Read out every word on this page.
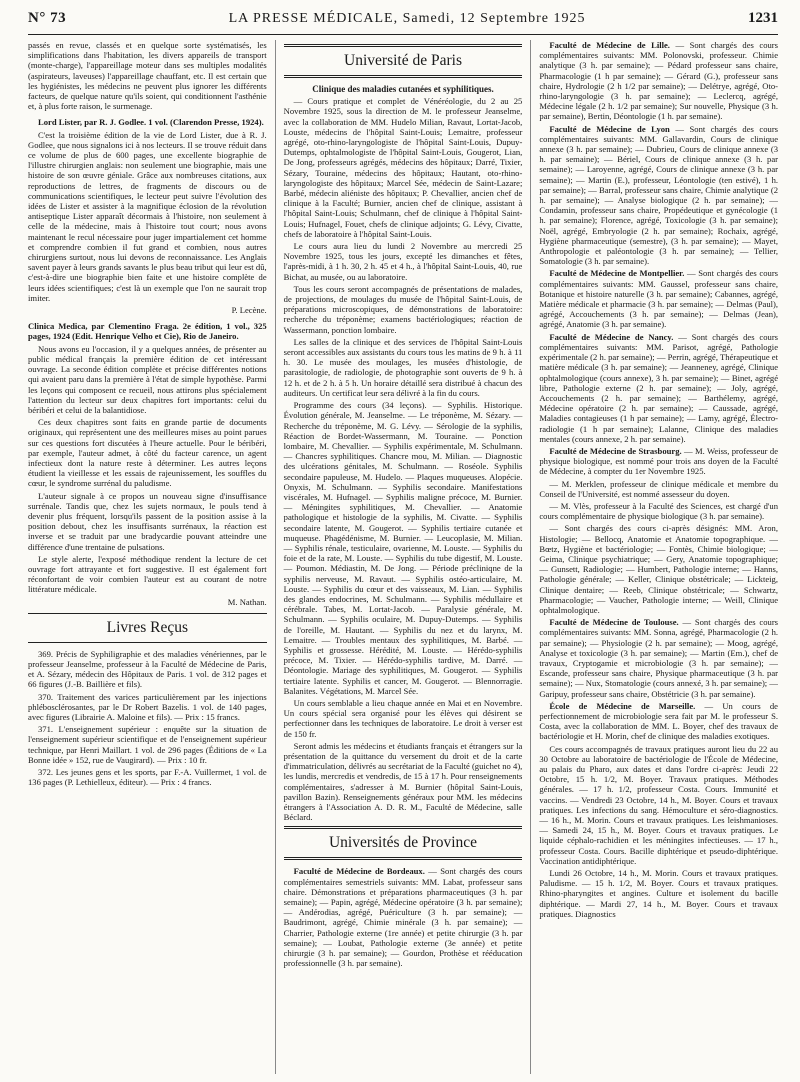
N° 73	LA PRESSE MÉDICALE, Samedi, 12 Septembre 1925	1231

passés en revue, classés et en quelque sorte systématisés, les simplifications dans l'habitation, les divers appareils de transport (monte-charge), l'appareillage moteur dans ses multiples modalités (aspirateurs, laveuses) l'appareillage chauffant, etc. Il est certain que les hygiénistes, les médecins ne peuvent plus ignorer les différents facteurs, de quelque nature qu'ils soient, qui conditionnent l'asthénie et, à plus forte raison, le surmenage.

Lord Lister, par R. J. Godlee. 1 vol. (Clarendon Presse, 1924).

C'est la troisième édition de la vie de Lord Lister, due à R. J. Godlee, que nous signalons ici à nos lecteurs. Il se trouve réduit dans ce volume de plus de 600 pages, une excellente biographie de l'illustre chirurgien anglais: non seulement une biographie, mais une histoire de son œuvre géniale. Grâce aux nombreuses citations, aux reproductions de lettres, de fragments de discours ou de communications scientifiques, le lecteur peut suivre l'évolution des idées de Lister et assister à la magnifique éclosion de la révolution antiseptique Lister apparaît décormais à l'histoire, non seulement à celle de la médecine, mais à l'histoire tout court; nous avons maintenant le recul nécessaire pour juger impartialement cet homme et comprendre combien il fut grand et combien, nous autres chirurgiens surtout, nous lui devons de reconnaissance. Les Anglais savent payer à leurs grands savants le plus beau tribut qui leur est dû, c'est-à-dire une biographie bien faite et une histoire complète de leurs idées scientifiques; c'est là un exemple que l'on ne saurait trop imiter.

P. Lecène.

Clinica Medica, par Clementino Fraga. 2e édition, 1 vol., 325 pages, 1924 (Edit. Henrique Velho et Cie), Rio de Janeiro.

Nous avons eu l'occasion, il y a quelques années, de présenter au public médical français la première édition de cet intéressant ouvrage. La seconde édition complète et précise différentes notions qui avaient paru dans la première à l'état de simple hypothèse. Parmi les leçons qui composent ce recueil, nous attirons plus spécialement l'attention du lecteur sur deux chapitres fort importants: celui du béribéri et celui de la balantidiose.

Ces deux chapitres sont faits en grande partie de documents originaux, qui représentent une des meilleures mises au point parues sur ces questions fort discutées à l'heure actuelle. Pour le béribéri, par exemple, l'auteur admet, à côté du facteur carence, un agent infectieux dont la nature reste à déterminer. Les autres leçons étudient la vieillesse et les essais de rajeunissement, les souffles du cœur, le syndrome surrénal du paludisme.

L'auteur signale à ce propos un nouveau signe d'insuffisance surrénale. Tandis que, chez les sujets normaux, le pouls tend à devenir plus fréquent, lorsqu'ils passent de la position assise à la position debout, chez les insuffisants surrénaux, la réaction est inverse et se traduit par une bradycardie pouvant atteindre une différence d'une trentaine de pulsations.

Le style alerte, l'exposé méthodique rendent la lecture de cet ouvrage fort attrayante et fort suggestive. Il est également fort réconfortant de voir combien l'auteur est au courant de notre littérature médicale.

M. Nathan.

Livres Reçus

369. Précis de Syphiligraphie et des maladies vénériennes, par le professeur Jeanselme, professeur à la Faculté de Médecine de Paris, et A. Sézary, médecin des Hôpitaux de Paris. 1 vol. de 312 pages et 66 figures (J.-B. Baillière et fils).

370. Traitement des varices particulièrement par les injections phlébosclérosantes, par le Dr Robert Bazelis. 1 vol. de 140 pages, avec figures (Librairie A. Maloine et fils). — Prix : 15 francs.

371. L'enseignement supérieur : enquête sur la situation de l'enseignement supérieur scientifique et de l'enseignement supérieur technique, par Henri Maillart. 1 vol. de 296 pages (Éditions de « La Bonne idée » 152, rue de Vaugirard). — Prix : 10 fr.

372. Les jeunes gens et les sports, par F.-A. Vuillermet, 1 vol. de 136 pages (P. Lethielleux, éditeur). — Prix : 4 francs.

Université de Paris

Clinique des maladies cutanées et syphilitiques.

— Cours pratique et complet de Vénéréologie, du 2 au 25 Novembre 1925, sous la direction de M. le professeur Jeanselme, avec la collaboration de MM. Hudelo Milian, Ravaut, Lortat-Jacob, Louste, médecins de l'hôpital Saint-Louis; Lemaitre, professeur agrégé, oto-rhino-laryngologiste de l'hôpital Saint-Louis, Dupuy-Dutemps, ophtalmologiste de l'hôpital Saint-Louis, Gougerot, Lian, De Jong, professeurs agrégés, médecins des hôpitaux; Darré, Tixier, Sézary, Touraine, médecins des hôpitaux; Hautant, oto-rhino-laryngologiste des hôpitaux; Marcel Sée, médecin de Saint-Lazare; Barbé, médecin aliéniste des hôpitaux; P. Chevallier, ancien chef de clinique à la Faculté; Burnier, ancien chef de clinique, assistant à l'hôpital Saint-Louis; Schulmann, chef de clinique à l'hôpital Saint-Louis; Hufnagel, Fouet, chefs de clinique adjoints; G. Lévy, Civatte, chefs de laboratoire à l'hôpital Saint-Louis.

Le cours aura lieu du lundi 2 Novembre au mercredi 25 Novembre 1925, tous les jours, excepté les dimanches et fêtes, l'après-midi, à 1 h. 30, 2 h. 45 et 4 h., à l'hôpital Saint-Louis, 40, rue Bichat, au musée, ou au laboratoire.

Tous les cours seront accompagnés de présentations de malades, de projections, de moulages du musée de l'hôpital Saint-Louis, de préparations microscopiques, de démonstrations de laboratoire: recherche du tréponème; examens bactériologiques; réaction de Wassermann, ponction lombaire.

Les salles de la clinique et des services de l'hôpital Saint-Louis seront accessibles aux assistants du cours tous les matins de 9 h. à 11 h. 30. Le musée des moulages, les musées d'histologie, de parasitologie, de radiologie, de photographie sont ouverts de 9 h. à 12 h. et de 2 h. à 5 h. Un horaire détaillé sera distribué à chacun des auditeurs. Un certificat leur sera délivré à la fin du cours.

Programme des cours (34 leçons). — Syphilis. Historique. Évolution générale, M. Jeanselme. — Le tréponème, M. Sézary. — Recherche du tréponème, M. G. Lévy. — Sérologie de la syphilis, Réaction de Bordet-Wassermann, M. Touraine. — Ponction lombaire, M. Chevallier. — Syphilis expérimentale, M. Schulmann. — Chancres syphilitiques. Chancre mou, M. Milian. — Diagnostic des ulcérations génitales, M. Schulmann. — Roséole. Syphilis secondaire papuleuse, M. Hudelo. — Plaques muqueuses. Alopécie. Onyxis, M. Schulmann. — Syphilis secondaire. Manifestations viscérales, M. Hufnagel. — Syphilis maligne précoce, M. Burnier. — Méningites syphilitiques, M. Chevallier. — Anatomie pathologique et histologie de la syphilis, M. Civatte. — Syphilis secondaire latente, M. Gougerot. — Syphilis tertiaire cutanée et muqueuse. Phagédénisme, M. Burnier. — Leucoplasie, M. Milian. — Syphilis rénale, testiculaire, ovarienne, M. Louste. — Syphilis du foie et de la rate, M. Louste. — Syphilis du tube digestif, M. Louste. — Poumon. Médiastin, M. De Jong. — Période précliniqne de la syphilis nerveuse, M. Ravaut. — Syphilis ostéo-articulaire, M. Louste. — Syphilis du cœur et des vaisseaux, M. Lian. — Syphilis des glandes endocrines, M. Schulmann. — Syphilis médullaire et cérébrale. Tabes, M. Lortat-Jacob. — Paralysie générale, M. Schulmann. — Syphilis oculaire, M. Dupuy-Dutemps. — Syphilis de l'oreille, M. Hautant. — Syphilis du nez et du larynx, M. Lemaitre. — Troubles mentaux des syphilitiques, M. Barbé. — Syphilis et grossesse. Hérédité, M. Louste. — Hérédo-syphilis précoce, M. Tixier. — Hérédo-syphilis tardive, M. Darré. — Déontologie. Mariage des syphilitiques, M. Gougerot. — Syphilis tertiaire latente. Syphilis et cancer, M. Gougerot. — Blennorragie. Balanites. Végétations, M. Marcel Sée.

Un cours semblable a lieu chaque année en Mai et en Novembre. Un cours spécial sera organisé pour les élèves qui désirent se perfectionner dans les techniques de laboratoire. Le droit à verser est de 150 fr.

Seront admis les médecins et étudiants français et étrangers sur la présentation de la quittance du versement du droit et de la carte d'immatriculation, délivrés au secrétariat de la Faculté (guichet no 4), les lundis, mercredis et vendredis, de 15 à 17 h. Pour renseignements complémentaires, s'adresser à M. Burnier (hôpital Saint-Louis, pavillon Bazin). Renseignements généraux pour MM. les médecins étrangers à l'Association A. D. R. M., Faculté de Médecine, salle Béclard.

Universités de Province

Faculté de Médecine de Bordeaux. — Sont chargés des cours complémentaires semestriels suivants: MM. Labat, professeur sans chaire. Démonstrations et préparations pharmaceutiques (3 h. par semaine); — Papin, agrégé, Médecine opératoire (3 h. par semaine); — Andérodias, agrégé, Puériculture (3 h. par semaine); — Baudrimont, agrégé, Chimie minérale (3 h. par semaine); — Charrier, Pathologie externe (1re année) et petite chirurgie (3 h. par semaine); — Loubat, Pathologie externe (3e année) et petite chirurgie (3 h. par semaine); — Gourdon, Prothèse et rééducation professionnelle (3 h. par semaine).

Faculté de Médecine de Lille. — Sont chargés des cours complémentaires suivants: MM. Polonovski, professeur. Chimie analytique (3 h. par semaine); — Pédard professeur sans chaire, Pharmacologie (1 h par semaine); — Gérard (G.), professeur sans chaire, Hydrologie (2 h 1/2 par semaine); — Delétrye, agrégé, Oto-rhino-laryngologie (3 h. par semaine); — Leclercq, agrégé, Médecine légale (2 h. 1/2 par semaine); Sur nouvelle, Physique (3 h. par semaine), Bertin, Déontologie (1 h. par semaine).

Faculté de Médecine de Lyon — Sont chargés des cours complémentaires suivants: MM. Gallavardin, Cours de clinique annexe (3 h. par semaine); — Dubrieu, Cours de clinique annexe (3 h. par semaine); — Bériel, Cours de clinique annexe (3 h. par semaine); — Laroyenne, agrégé, Cours de clinique annexe (3 h. par semaine); — Martin (E.), professeur, Léontologie (ten estivé), 1 h. par semaine); — Barral, professeur sans chaire, Chimie analytique (2 h. par semaine); — Analyse biologique (2 h. par semaine); — Condamin, professeur sans chaire, Propédeutique et gynécologie (1 h. par semaine); Florence, agrégé, Toxicologie (3 h. par semaine); Noël, agrégé, Embryologie (2 h. par semaine); Rochaix, agrégé, Hygiène pharmaceutique (semestre), (3 h. par semaine); — Mayet, Anthropologie et paléontologie (3 h. par semaine); — Tellier, Somatologie (3 h. par semaine).

Faculté de Médecine de Montpellier. — Sont chargés des cours complémentaires suivants: MM. Gaussel, professeur sans chaire, Botanique et histoire naturelle (3 h. par semaine); Cabannes, agrégé, Matière médicale et pharmacie (3 h. par semaine); — Delmas (Paul), agrégé, Accouchements (3 h. par semaine); — Delmas (Jean), agrégé, Anatomie (3 h. par semaine).

Faculté de Médecine de Nancy. — Sont chargés des cours complémentaires suivants: MM. Parisot, agrégé, Pathologie expérimentale (2 h. par semaine); — Perrin, agrégé, Thérapeutique et matière médicale (3 h. par semaine); — Jeanneney, agrégé, Clinique ophtalmologique (cours annexe), 3 h. par semaine); — Binet, agrégé libre, Pathologie externe (2 h. par semaine); — Joly, agrégé, Accouchements (2 h. par semaine); — Barthélemy, agrégé, Médecine opératoire (2 h. par semaine); — Caussade, agrégé, Maladies contagieuses (1 h par semaine); — Lamy, agrégé, Électro-radiologie (1 h par semaine); Lalanne, Clinique des maladies mentales (cours annexe, 2 h. par semaine).

Faculté de Médecine de Strasbourg. — M. Weiss, professeur de physique biologique, est nommé pour trois ans doyen de la Faculté de Médecine, à compter du 1er Novembre 1925.

— M. Merklen, professeur de clinique médicale et membre du Conseil de l'Université, est nommé assesseur du doyen.

— M. Vlès, professeur à la Faculté des Sciences, est chargé d'un cours complémentaire de physique biologique (3 h. par semaine).

— Sont chargés des cours ci-après désignés: MM. Aron, Histologie; — Bellocq, Anatomie et Anatomie topographique. — Bœtz, Hygiène et bactériologie; — Fontès, Chimie biologique; — Geima, Clinique psychiatrique; — Gery, Anatomie topographique; — Gunsett, Radiologie; — Humbert, Pathologie interne; — Hanns, Pathologie générale; — Keller, Clinique obstétricale; — Lickteig, Clinique dentaire; — Reeb, Clinique obstétricale; — Schwartz, Pharmacologie; — Vaucher, Pathologie interne; — Weill, Clinique ophtalmologique.

Faculté de Médecine de Toulouse. — Sont chargés des cours complémentaires suivants: MM. Sonna, agrégé, Pharmacologie (2 h. par semaine); — Physiologie (2 h. par semaine); — Moog, agrégé, Analyse et toxicologie (3 h. par semaine); — Martin (Em.), chef de travaux, Cryptogamie et microbiologie (3 h. par semaine); — Escande, professeur sans chaire, Physique pharmaceutique (3 h. par semaine); — Nux, Stomatologie (cours annexé, 3 h. par semaine); — Garipuy, professeur sans chaire, Obstétricie (3 h. par semaine).

École de Médecine de Marseille. — Un cours de perfectionnement de microbiologie sera fait par M. le professeur S. Costa, avec la collaboration de MM. L. Boyer, chef des travaux de bactériologie et H. Morin, chef de clinique des maladies exotiques.

Ces cours accompagnés de travaux pratiques auront lieu du 22 au 30 Octobre au laboratoire de bactériologie de l'École de Médecine, au palais du Pharo, aux dates et dans l'ordre ci-après: Jeudi 22 Octobre, 15 h. 1/2, M. Boyer. Travaux pratiques. Méthodes générales. — 17 h. 1/2, professeur Costa. Cours. Immunité et vaccins. — Vendredi 23 Octobre, 14 h., M. Boyer. Cours et travaux pratiques. Les infections du sang. Hémoculture et séro-diagnostics. — 16 h., M. Morin. Cours et travaux pratiques. Les leishmanioses. — Samedi 24, 15 h., M. Boyer. Cours et travaux pratiques. Le liquide céphalo-rachidien et les méningites infectieuses. — 17 h., professeur Costa. Cours. Bacille diphtérique et pseudo-diphtérique. Vaccination antidiphtérique.

Lundi 26 Octobre, 14 h., M. Morin. Cours et travaux pratiques. Paludisme. — 15 h. 1/2, M. Boyer. Cours et travaux pratiques. Rhino-pharyngites et angines. Culture et isolement du bacille diphtérique. — Mardi 27, 14 h., M. Boyer. Cours et travaux pratiques. Diagnostics
